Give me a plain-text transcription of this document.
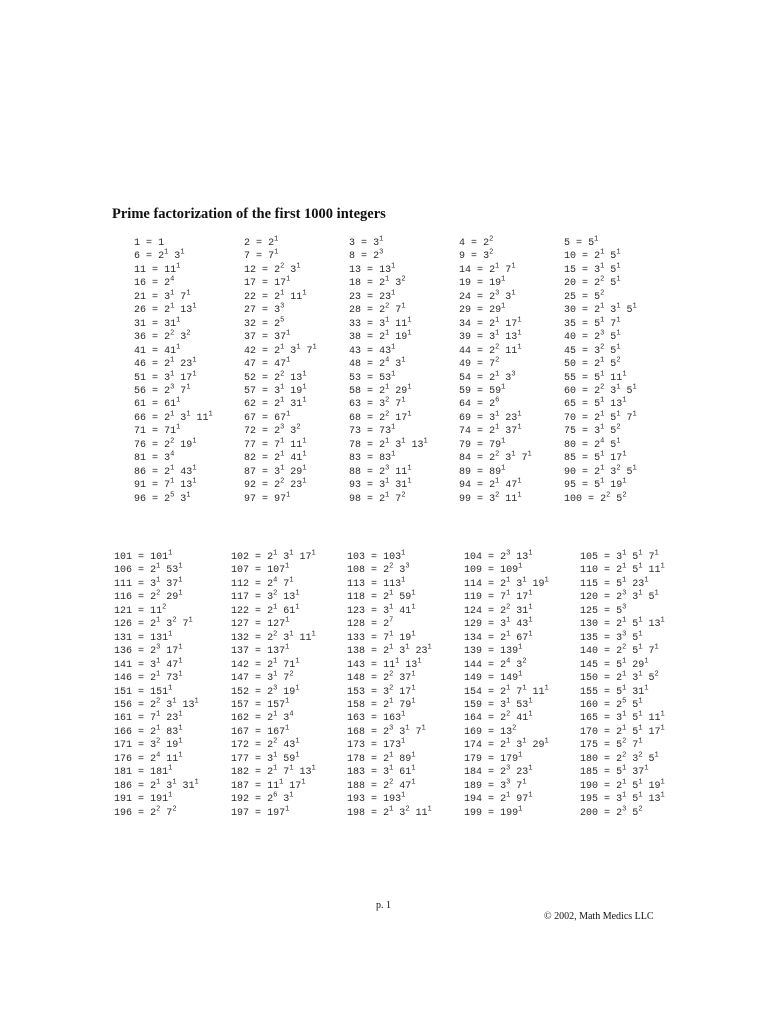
Prime factorization of the first 1000 integers
1 = 1	$2 = 2^1$	$3 = 3^1$	$4 = 2^2$	$5 = 5^1$
$6 = 2^1$ $3^1$	$7 = 7^1$	$8 = 2^3$	$9 = 3^2$	$10 = 2^1$ $5^1$
$11 = 11^1$	$12 = 2^2$ $3^1$	$13 = 13^1$	$14 = 2^1$ $7^1$	$15 = 3^1$ $5^1$
$16 = 2^4$	$17 = 17^1$	$18 = 2^1$ $3^2$	$19 = 19^1$	$20 = 2^2$ $5^1$
$21 = 3^1$ $7^1$	$22 = 2^1$ $11^1$	$23 = 23^1$	$24 = 2^3$ $3^1$	$25 = 5^2$
$26 = 2^1$ $13^1$	$27 = 3^3$	$28 = 2^2$ $7^1$	$29 = 29^1$	$30 = 2^1$ $3^1$ $5^1$
$31 = 31^1$	$32 = 2^5$	$33 = 3^1$ $11^1$	$34 = 2^1$ $17^1$	$35 = 5^1$ $7^1$
$36 = 2^2$ $3^2$	$37 = 37^1$	$38 = 2^1$ $19^1$	$39 = 3^1$ $13^1$	$40 = 2^3$ $5^1$
$41 = 41^1$	$42 = 2^1$ $3^1$ $7^1$	$43 = 43^1$	$44 = 2^2$ $11^1$	$45 = 3^2$ $5^1$
$46 = 2^1$ $23^1$	$47 = 47^1$	$48 = 2^4$ $3^1$	$49 = 7^2$	$50 = 2^1$ $5^2$
$51 = 3^1$ $17^1$	$52 = 2^2$ $13^1$	$53 = 53^1$	$54 = 2^1$ $3^3$	$55 = 5^1$ $11^1$
$56 = 2^3$ $7^1$	$57 = 3^1$ $19^1$	$58 = 2^1$ $29^1$	$59 = 59^1$	$60 = 2^2$ $3^1$ $5^1$
$61 = 61^1$	$62 = 2^1$ $31^1$	$63 = 3^2$ $7^1$	$64 = 2^6$	$65 = 5^1$ $13^1$
$66 = 2^1$ $3^1$ $11^1$	$67 = 67^1$	$68 = 2^2$ $17^1$	$69 = 3^1$ $23^1$	$70 = 2^1$ $5^1$ $7^1$
$71 = 71^1$	$72 = 2^3$ $3^2$	$73 = 73^1$	$74 = 2^1$ $37^1$	$75 = 3^1$ $5^2$
$76 = 2^2$ $19^1$	$77 = 7^1$ $11^1$	$78 = 2^1$ $3^1$ $13^1$	$79 = 79^1$	$80 = 2^4$ $5^1$
$81 = 3^4$	$82 = 2^1$ $41^1$	$83 = 83^1$	$84 = 2^2$ $3^1$ $7^1$	$85 = 5^1$ $17^1$
$86 = 2^1$ $43^1$	$87 = 3^1$ $29^1$	$88 = 2^3$ $11^1$	$89 = 89^1$	$90 = 2^1$ $3^2$ $5^1$
$91 = 7^1$ $13^1$	$92 = 2^2$ $23^1$	$93 = 3^1$ $31^1$	$94 = 2^1$ $47^1$	$95 = 5^1$ $19^1$
$96 = 2^5$ $3^1$	$97 = 97^1$	$98 = 2^1$ $7^2$	$99 = 3^2$ $11^1$	$100 = 2^2$ $5^2$
$101 = 101^1$	$102 = 2^1$ $3^1$ $17^1$	$103 = 103^1$	$104 = 2^3$ $13^1$	$105 = 3^1$ $5^1$ $7^1$
$106 = 2^1$ $53^1$	$107 = 107^1$	$108 = 2^2$ $3^3$	$109 = 109^1$	$110 = 2^1$ $5^1$ $11^1$
$111 = 3^1$ $37^1$	$112 = 2^4$ $7^1$	$113 = 113^1$	$114 = 2^1$ $3^1$ $19^1$	$115 = 5^1$ $23^1$
$116 = 2^2$ $29^1$	$117 = 3^2$ $13^1$	$118 = 2^1$ $59^1$	$119 = 7^1$ $17^1$	$120 = 2^3$ $3^1$ $5^1$
$121 = 11^2$	$122 = 2^1$ $61^1$	$123 = 3^1$ $41^1$	$124 = 2^2$ $31^1$	$125 = 5^3$
$126 = 2^1$ $3^2$ $7^1$	$127 = 127^1$	$128 = 2^7$	$129 = 3^1$ $43^1$	$130 = 2^1$ $5^1$ $13^1$
$131 = 131^1$	$132 = 2^2$ $3^1$ $11^1$	$133 = 7^1$ $19^1$	$134 = 2^1$ $67^1$	$135 = 3^3$ $5^1$
$136 = 2^3$ $17^1$	$137 = 137^1$	$138 = 2^1$ $3^1$ $23^1$	$139 = 139^1$	$140 = 2^2$ $5^1$ $7^1$
$141 = 3^1$ $47^1$	$142 = 2^1$ $71^1$	$143 = 11^1$ $13^1$	$144 = 2^4$ $3^2$	$145 = 5^1$ $29^1$
$146 = 2^1$ $73^1$	$147 = 3^1$ $7^2$	$148 = 2^2$ $37^1$	$149 = 149^1$	$150 = 2^1$ $3^1$ $5^2$
$151 = 151^1$	$152 = 2^3$ $19^1$	$153 = 3^2$ $17^1$	$154 = 2^1$ $7^1$ $11^1$	$155 = 5^1$ $31^1$
$156 = 2^2$ $3^1$ $13^1$	$157 = 157^1$	$158 = 2^1$ $79^1$	$159 = 3^1$ $53^1$	$160 = 2^5$ $5^1$
$161 = 7^1$ $23^1$	$162 = 2^1$ $3^4$	$163 = 163^1$	$164 = 2^2$ $41^1$	$165 = 3^1$ $5^1$ $11^1$
$166 = 2^1$ $83^1$	$167 = 167^1$	$168 = 2^3$ $3^1$ $7^1$	$169 = 13^2$	$170 = 2^1$ $5^1$ $17^1$
$171 = 3^2$ $19^1$	$172 = 2^2$ $43^1$	$173 = 173^1$	$174 = 2^1$ $3^1$ $29^1$	$175 = 5^2$ $7^1$
$176 = 2^4$ $11^1$	$177 = 3^1$ $59^1$	$178 = 2^1$ $89^1$	$179 = 179^1$	$180 = 2^2$ $3^2$ $5^1$
$181 = 181^1$	$182 = 2^1$ $7^1$ $13^1$	$183 = 3^1$ $61^1$	$184 = 2^3$ $23^1$	$185 = 5^1$ $37^1$
$186 = 2^1$ $3^1$ $31^1$	$187 = 11^1$ $17^1$	$188 = 2^2$ $47^1$	$189 = 3^3$ $7^1$	$190 = 2^1$ $5^1$ $19^1$
$191 = 191^1$	$192 = 2^6$ $3^1$	$193 = 193^1$	$194 = 2^1$ $97^1$	$195 = 3^1$ $5^1$ $13^1$
$196 = 2^2$ $7^2$	$197 = 197^1$	$198 = 2^1$ $3^2$ $11^1$	$199 = 199^1$	$200 = 2^3$ $5^2$
p. 1
© 2002, Math Medics LLC
